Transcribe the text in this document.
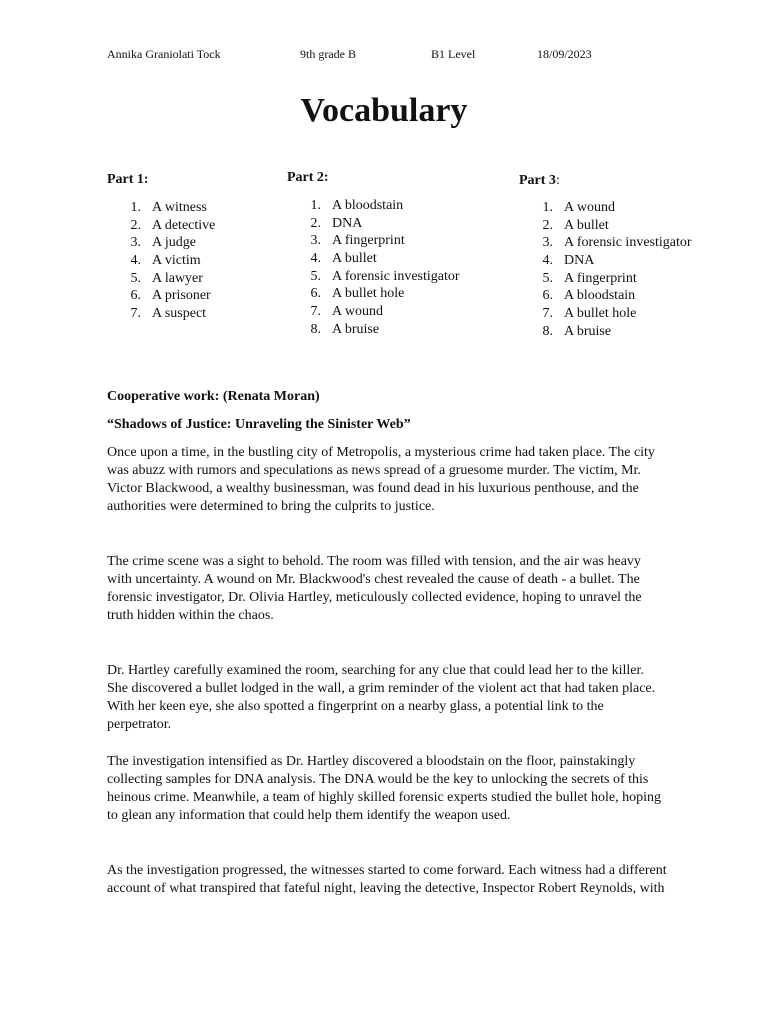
Annika Graniolati Tock	9th grade B	B1 Level	18/09/2023
Vocabulary
Part 1:
1. A witness
2. A detective
3. A judge
4. A victim
5. A lawyer
6. A prisoner
7. A suspect
Part 2:
1. A bloodstain
2. DNA
3. A fingerprint
4. A bullet
5. A forensic investigator
6. A bullet hole
7. A wound
8. A bruise
Part 3:
1. A wound
2. A bullet
3. A forensic investigator
4. DNA
5. A fingerprint
6. A bloodstain
7. A bullet hole
8. A bruise
Cooperative work: (Renata Moran)
“Shadows of Justice: Unraveling the Sinister Web”

Once upon a time, in the bustling city of Metropolis, a mysterious crime had taken place. The city was abuzz with rumors and speculations as news spread of a gruesome murder. The victim, Mr. Victor Blackwood, a wealthy businessman, was found dead in his luxurious penthouse, and the authorities were determined to bring the culprits to justice.

The crime scene was a sight to behold. The room was filled with tension, and the air was heavy with uncertainty. A wound on Mr. Blackwood's chest revealed the cause of death - a bullet. The forensic investigator, Dr. Olivia Hartley, meticulously collected evidence, hoping to unravel the truth hidden within the chaos.

Dr. Hartley carefully examined the room, searching for any clue that could lead her to the killer. She discovered a bullet lodged in the wall, a grim reminder of the violent act that had taken place. With her keen eye, she also spotted a fingerprint on a nearby glass, a potential link to the perpetrator.

The investigation intensified as Dr. Hartley discovered a bloodstain on the floor, painstakingly collecting samples for DNA analysis. The DNA would be the key to unlocking the secrets of this heinous crime. Meanwhile, a team of highly skilled forensic experts studied the bullet hole, hoping to glean any information that could help them identify the weapon used.

As the investigation progressed, the witnesses started to come forward. Each witness had a different account of what transpired that fateful night, leaving the detective, Inspector Robert Reynolds, with
